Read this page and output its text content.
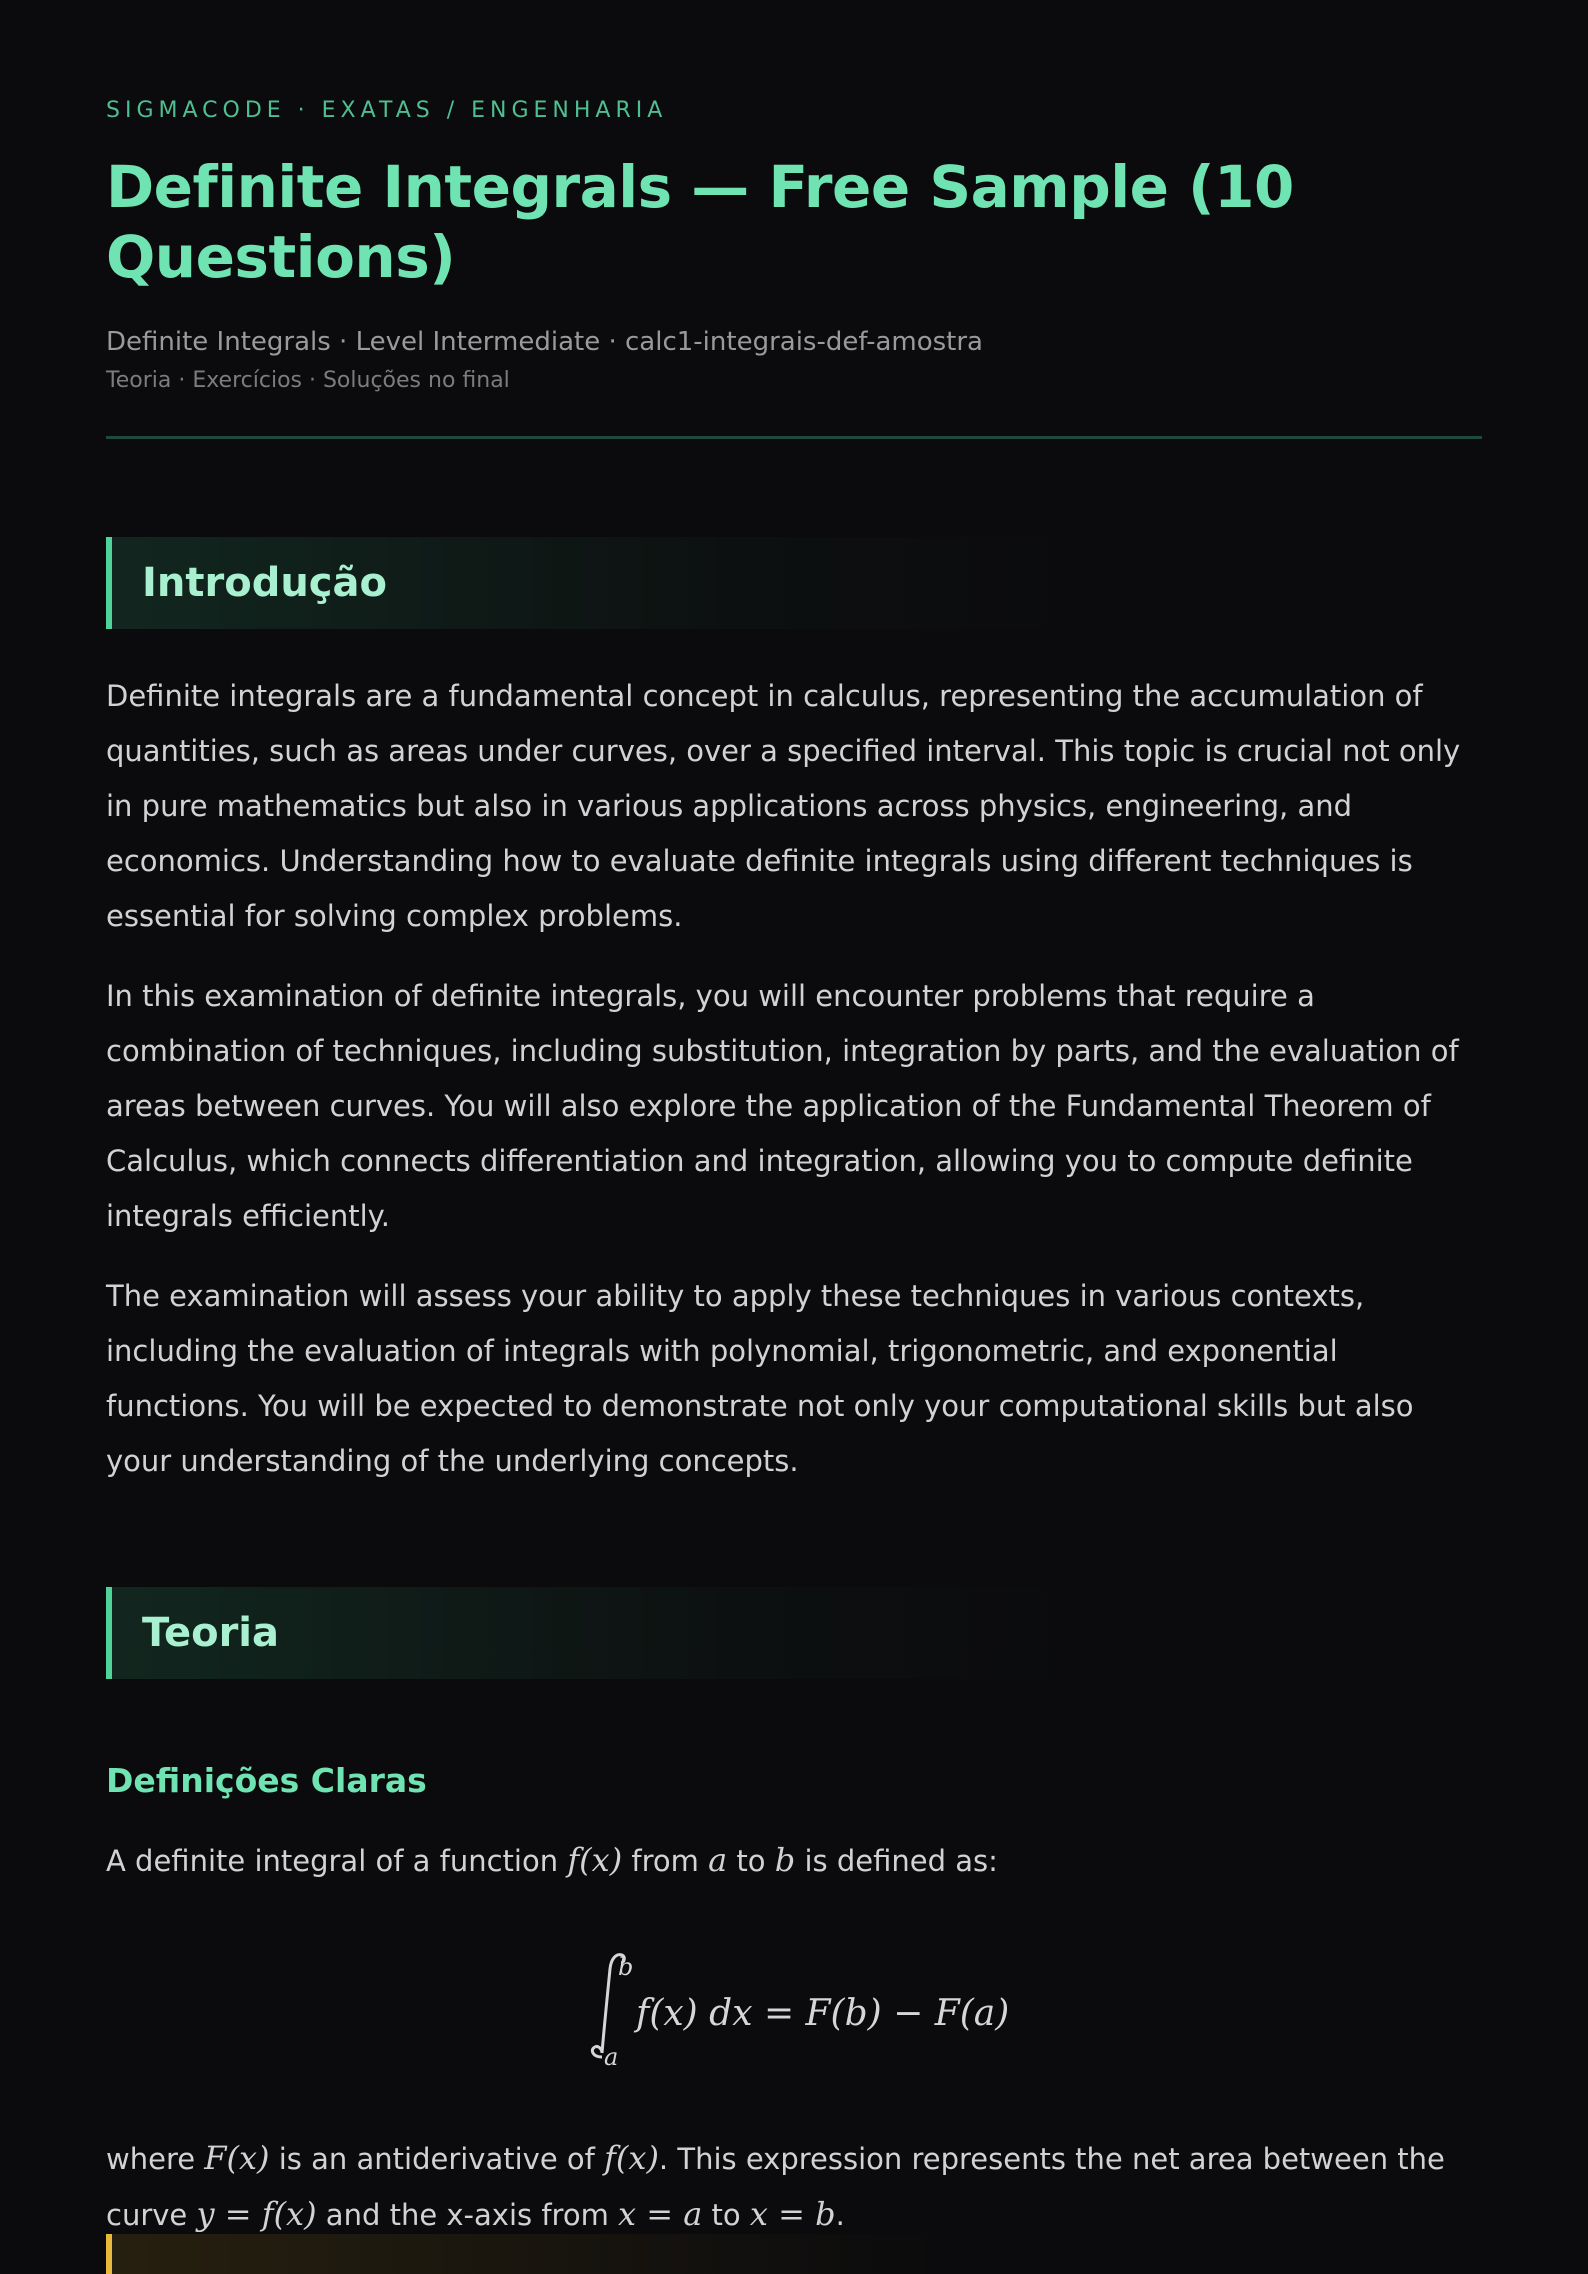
SIGMACODE · EXATAS / ENGENHARIA

Definite Integrals — Free Sample (10 Questions)

Definite Integrals · Level Intermediate · calc1-integrais-def-amostra

Teoria · Exercícios · Soluções no final

Introdução

Definite integrals are a fundamental concept in calculus, representing the accumulation of quantities, such as areas under curves, over a specified interval. This topic is crucial not only in pure mathematics but also in various applications across physics, engineering, and economics. Understanding how to evaluate definite integrals using different techniques is essential for solving complex problems.

In this examination of definite integrals, you will encounter problems that require a combination of techniques, including substitution, integration by parts, and the evaluation of areas between curves. You will also explore the application of the Fundamental Theorem of Calculus, which connects differentiation and integration, allowing you to compute definite integrals efficiently.

The examination will assess your ability to apply these techniques in various contexts, including the evaluation of integrals with polynomial, trigonometric, and exponential functions. You will be expected to demonstrate not only your computational skills but also your understanding of the underlying concepts.

Teoria
Definições Claras

A definite integral of a function f(x) from a to b is defined as:

b
a
f(x) dx = F(b) − F(a)

where F(x) is an antiderivative of f(x). This expression represents the net area between the curve y = f(x) and the x-axis from x = a to x = b.
